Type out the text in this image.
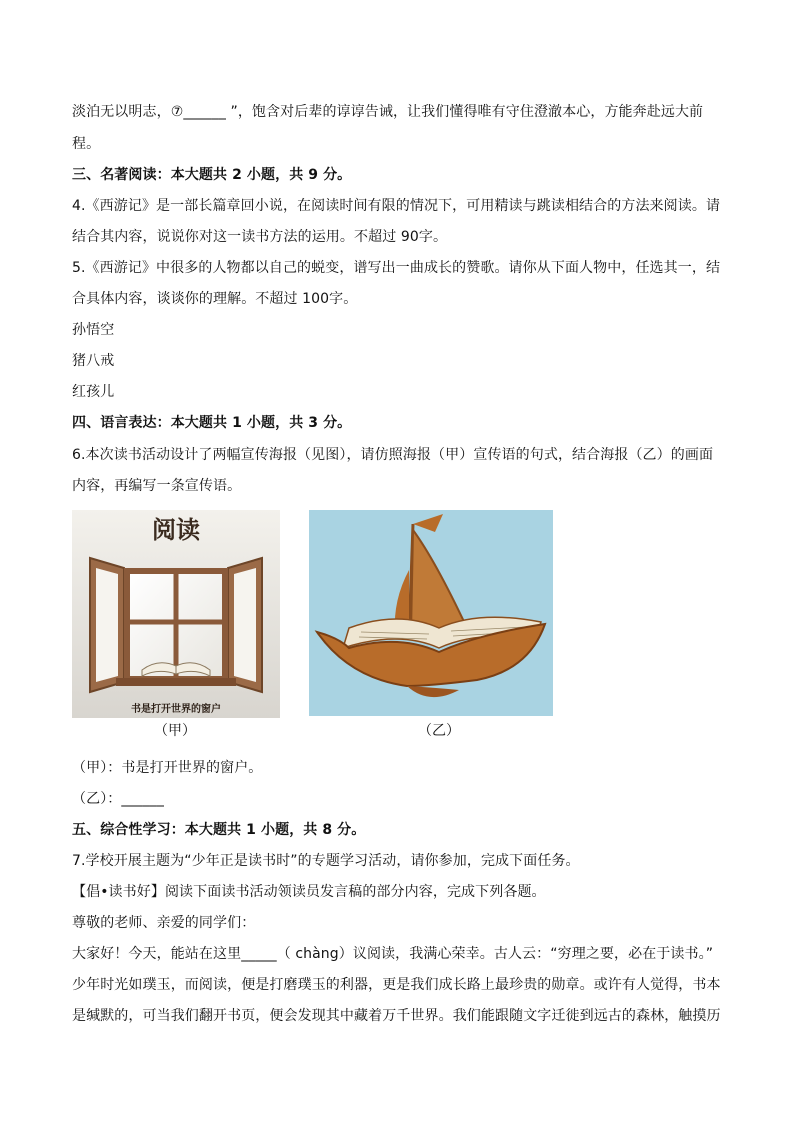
淡泊无以明志，⑦______ ”，饱含对后辈的谆谆告诫，让我们懂得唯有守住澄澈本心，方能奔赴远大前
程。
三、名著阅读：本大题共 2 小题，共 9 分。
4.《西游记》是一部长篇章回小说，在阅读时间有限的情况下，可用精读与跳读相结合的方法来阅读。请
结合其内容，说说你对这一读书方法的运用。不超过 90字。
5.《西游记》中很多的人物都以自己的蜕变，谱写出一曲成长的赞歌。请你从下面人物中，任选其一，结
合具体内容，谈谈你的理解。不超过 100字。
孙悟空
猪八戒
红孩儿
四、语言表达：本大题共 1 小题，共 3 分。
6.本次读书活动设计了两幅宣传海报（见图），请仿照海报（甲）宣传语的句式，结合海报（乙）的画面
内容，再编写一条宣传语。
阅读
书是打开世界的窗户
（甲）	（乙）
（甲）：书是打开世界的窗户。
（乙）：______
五、综合性学习：本大题共 1 小题，共 8 分。
7.学校开展主题为“少年正是读书时”的专题学习活动，请你参加，完成下面任务。
【倡•读书好】阅读下面读书活动领读员发言稿的部分内容，完成下列各题。
尊敬的老师、亲爱的同学们：
大家好！今天，能站在这里_____（ chàng）议阅读，我满心荣幸。古人云：“穷理之要，必在于读书。”
少年时光如璞玉，而阅读，便是打磨璞玉的利器，更是我们成长路上最珍贵的勋章。或许有人觉得，书本
是缄默的，可当我们翻开书页，便会发现其中藏着万千世界。我们能跟随文字迁徙到远古的森林，触摸历
